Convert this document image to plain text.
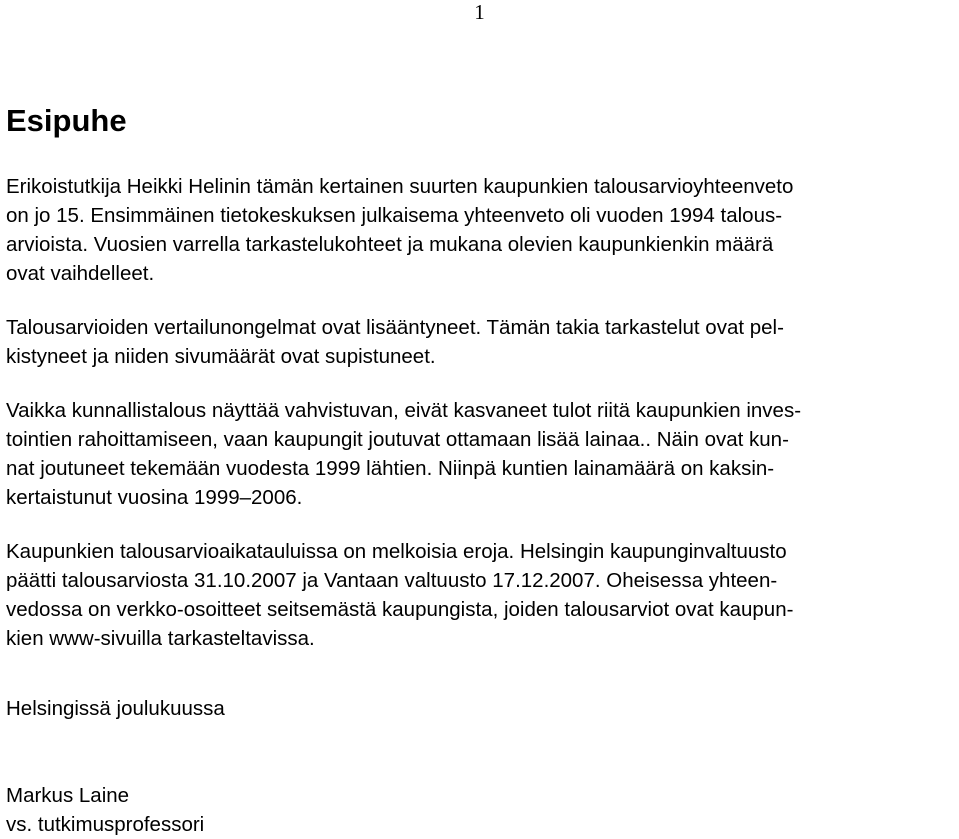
1
Esipuhe

Erikoistutkija Heikki Helinin tämän kertainen suurten kaupunkien talousarvioyhteenveto
on jo 15. Ensimmäinen tietokeskuksen julkaisema yhteenveto oli vuoden 1994 talous-
arvioista. Vuosien varrella tarkastelukohteet ja mukana olevien kaupunkienkin määrä
ovat vaihdelleet.

Talousarvioiden vertailunongelmat ovat lisääntyneet. Tämän takia tarkastelut ovat pel-
kistyneet ja niiden sivumäärät ovat supistuneet.

Vaikka kunnallistalous näyttää vahvistuvan, eivät kasvaneet tulot riitä kaupunkien inves-
tointien rahoittamiseen, vaan kaupungit joutuvat ottamaan lisää lainaa.. Näin ovat kun-
nat joutuneet tekemään vuodesta 1999 lähtien. Niinpä kuntien lainamäärä on kaksin-
kertaistunut vuosina 1999–2006.

Kaupunkien talousarvioaikatauluissa on melkoisia eroja. Helsingin kaupunginvaltuusto
päätti talousarviosta 31.10.2007 ja Vantaan valtuusto 17.12.2007. Oheisessa yhteen-
vedossa on verkko-osoitteet seitsemästä kaupungista, joiden talousarviot ovat kaupun-
kien www-sivuilla tarkasteltavissa.

Helsingissä joulukuussa
Markus Laine
vs. tutkimusprofessori
